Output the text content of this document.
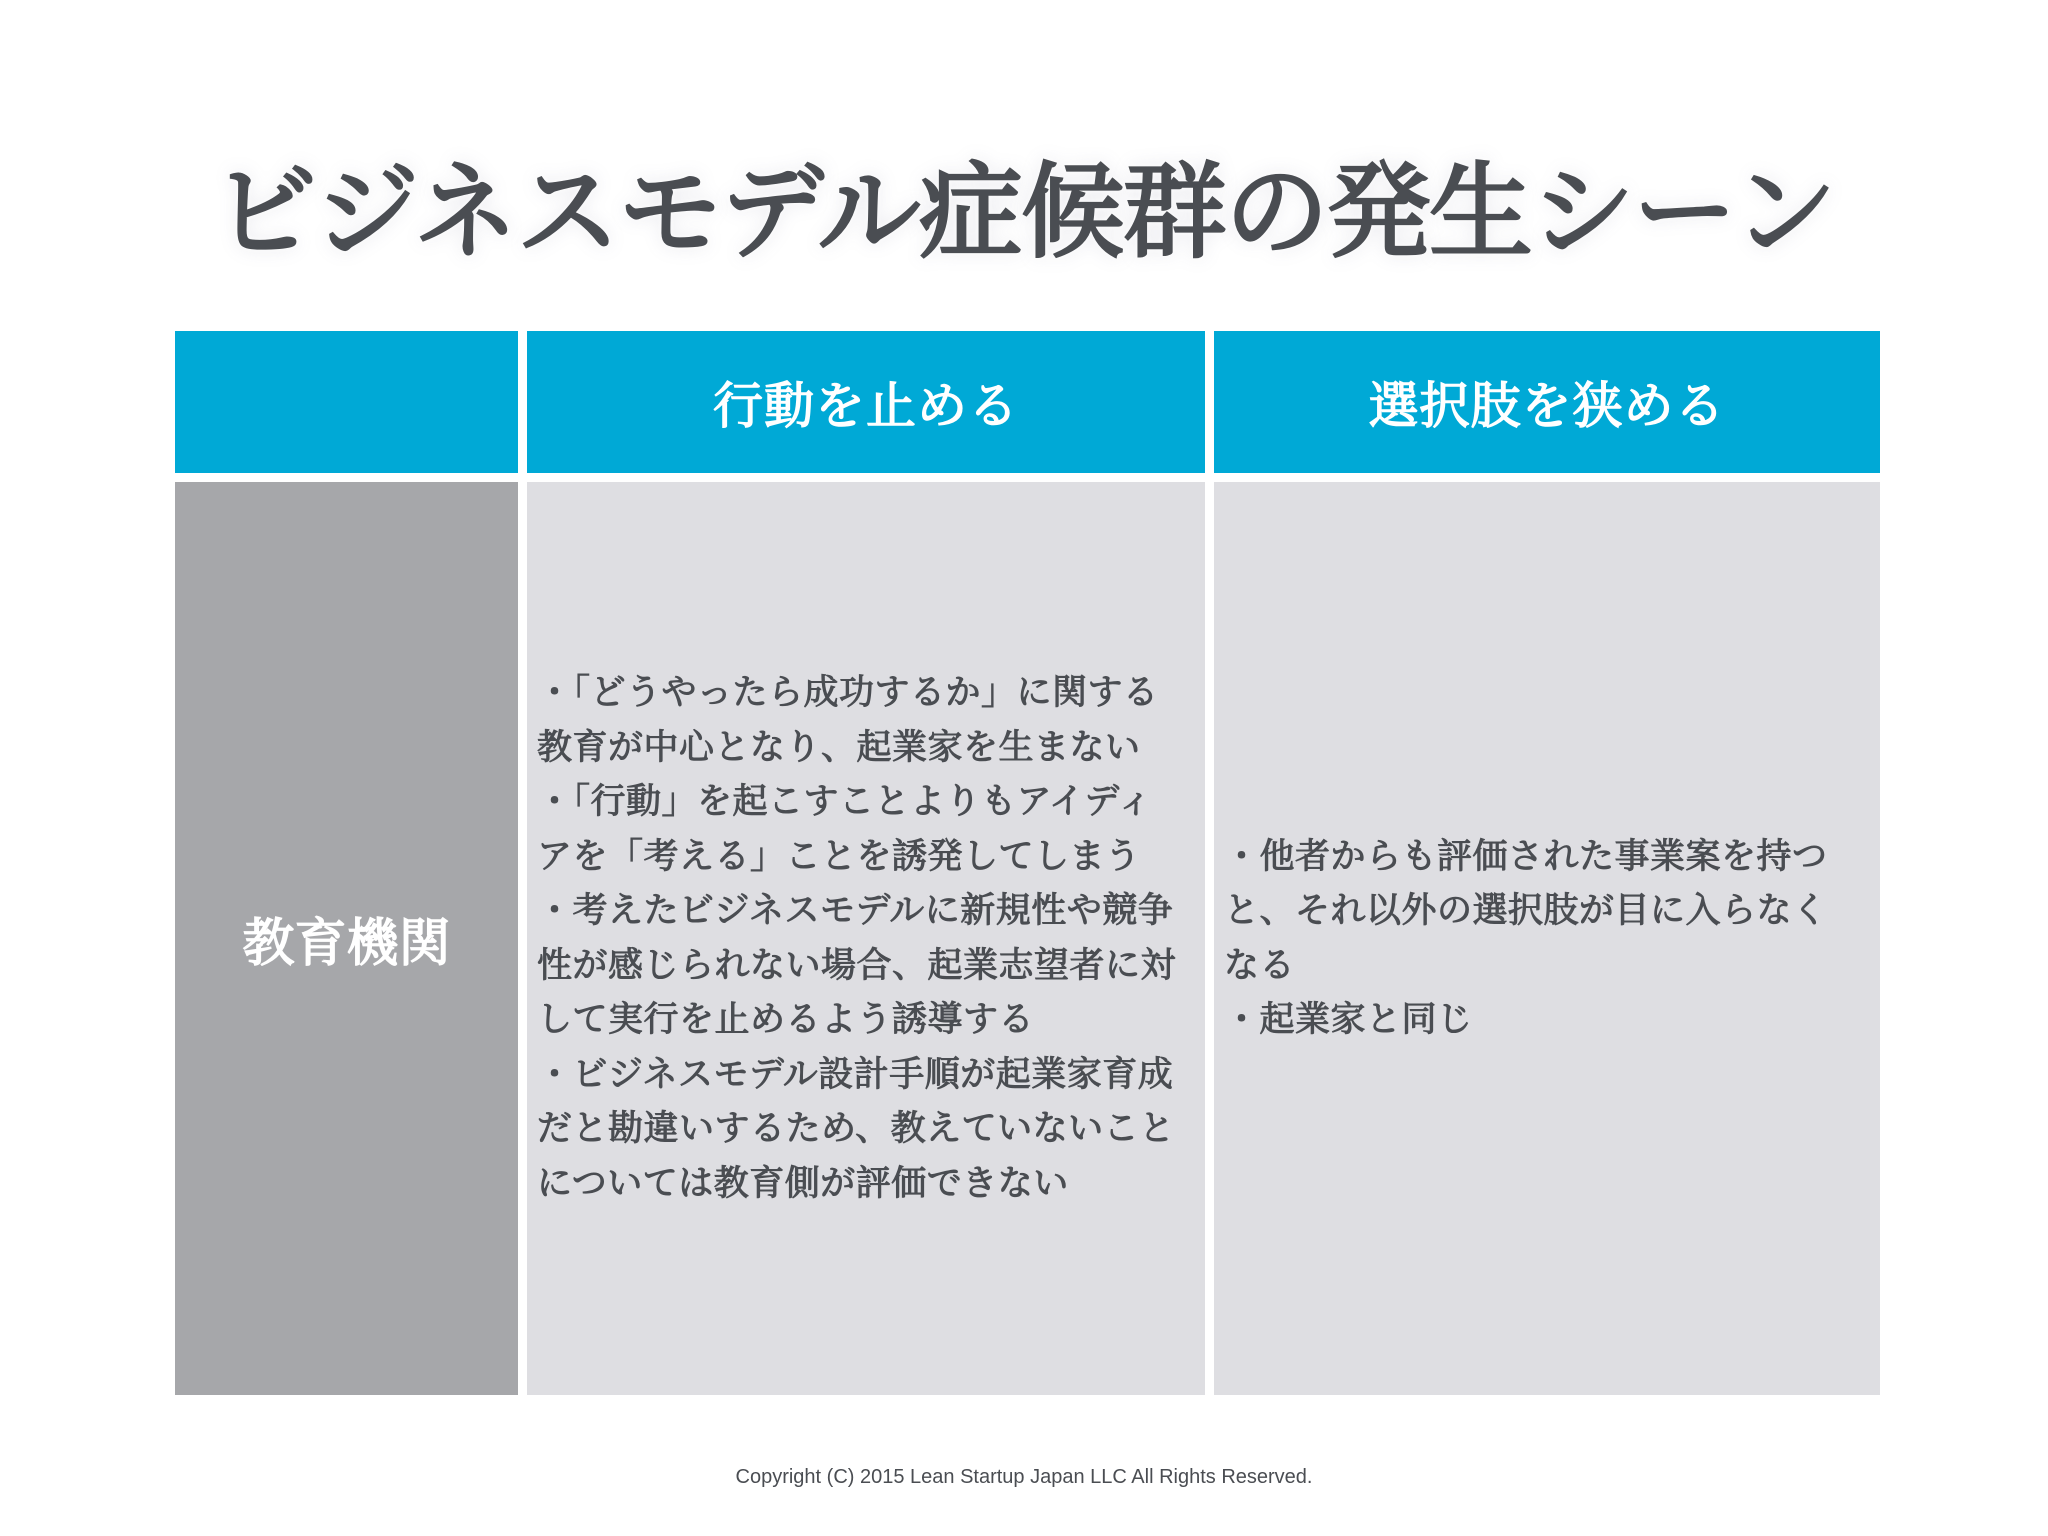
ビジネスモデル症候群の発生シーン
行動を止める	選択肢を狭める
教育機関
・「どうやったら成功するか」に関する
教育が中心となり、起業家を生まない
・「行動」を起こすことよりもアイディ
アを「考える」ことを誘発してしまう
・考えたビジネスモデルに新規性や競争
性が感じられない場合、起業志望者に対
して実行を止めるよう誘導する
・ビジネスモデル設計手順が起業家育成
だと勘違いするため、教えていないこと
については教育側が評価できない
・他者からも評価された事業案を持つ
と、それ以外の選択肢が目に入らなく
なる
・起業家と同じ
Copyright (C) 2015 Lean Startup Japan LLC All Rights Reserved.
